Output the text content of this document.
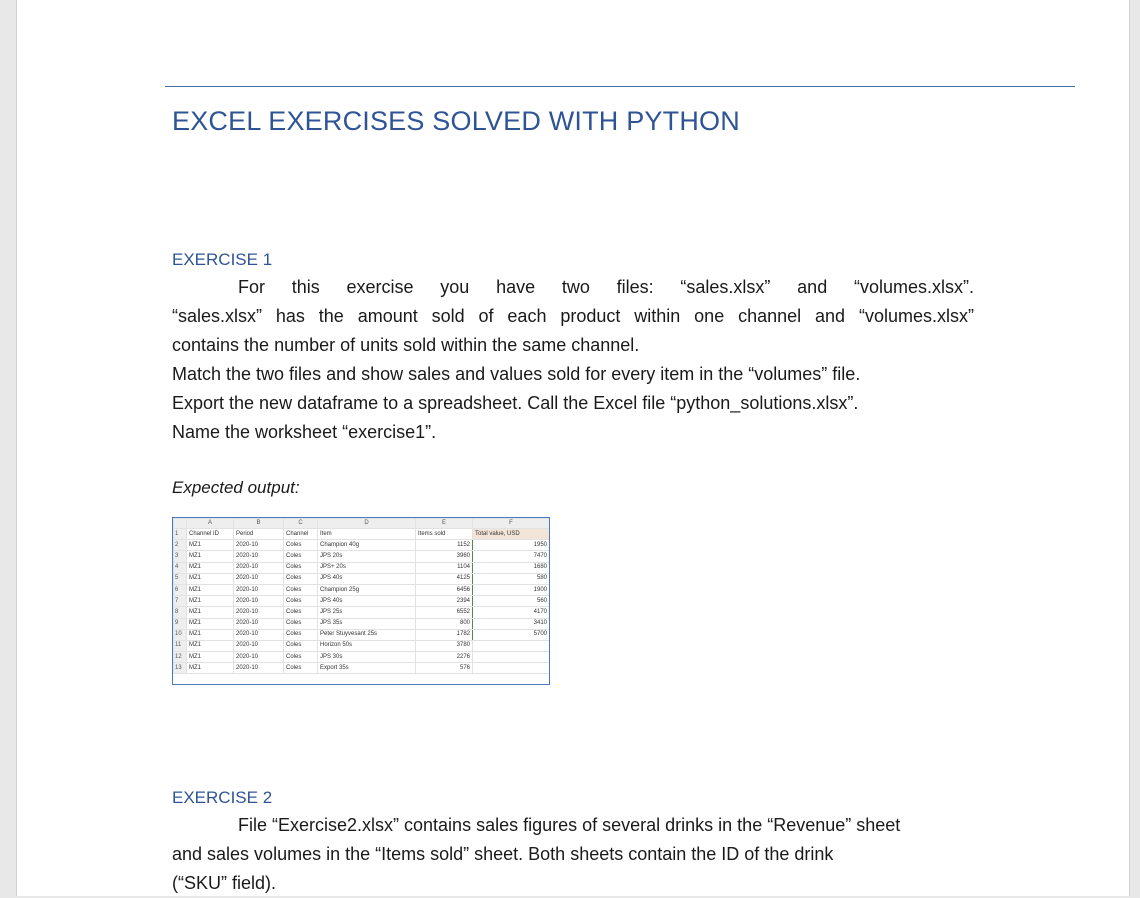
EXCEL EXERCISES SOLVED WITH PYTHON
EXERCISE 1
For this exercise you have two files: “sales.xlsx” and “volumes.xlsx”.
“sales.xlsx” has the amount sold of each product within one channel and “volumes.xlsx”
contains the number of units sold within the same channel.
Match the two files and show sales and values sold for every item in the “volumes” file.
Export the new dataframe to a spreadsheet. Call the Excel file “python_solutions.xlsx”.
Name the worksheet “exercise1”.
Expected output:
	A	B	C	D	E	F
1	Channel ID	Period	Channel	Item	Items sold	Total value, USD
2	MZ1	2020-10	Coles	Champion 40g	1152	1950
3	MZ1	2020-10	Coles	JPS 20s	3960	7470
4	MZ1	2020-10	Coles	JPS+ 20s	1104	1680
5	MZ1	2020-10	Coles	JPS 40s	4125	580
6	MZ1	2020-10	Coles	Champion 25g	6456	1900
7	MZ1	2020-10	Coles	JPS 40s	2394	560
8	MZ1	2020-10	Coles	JPS 25s	6552	4170
9	MZ1	2020-10	Coles	JPS 35s	800	3410
10	MZ1	2020-10	Coles	Peter Stuyvesant 25s	1782	5700
11	MZ1	2020-10	Coles	Horizon 50s	3780	
12	MZ1	2020-10	Coles	JPS 30s	2276	
13	MZ1	2020-10	Coles	Export 35s	576	
EXERCISE 2
File “Exercise2.xlsx” contains sales figures of several drinks in the “Revenue” sheet
and sales volumes in the “Items sold” sheet. Both sheets contain the ID of the drink
(“SKU” field).
